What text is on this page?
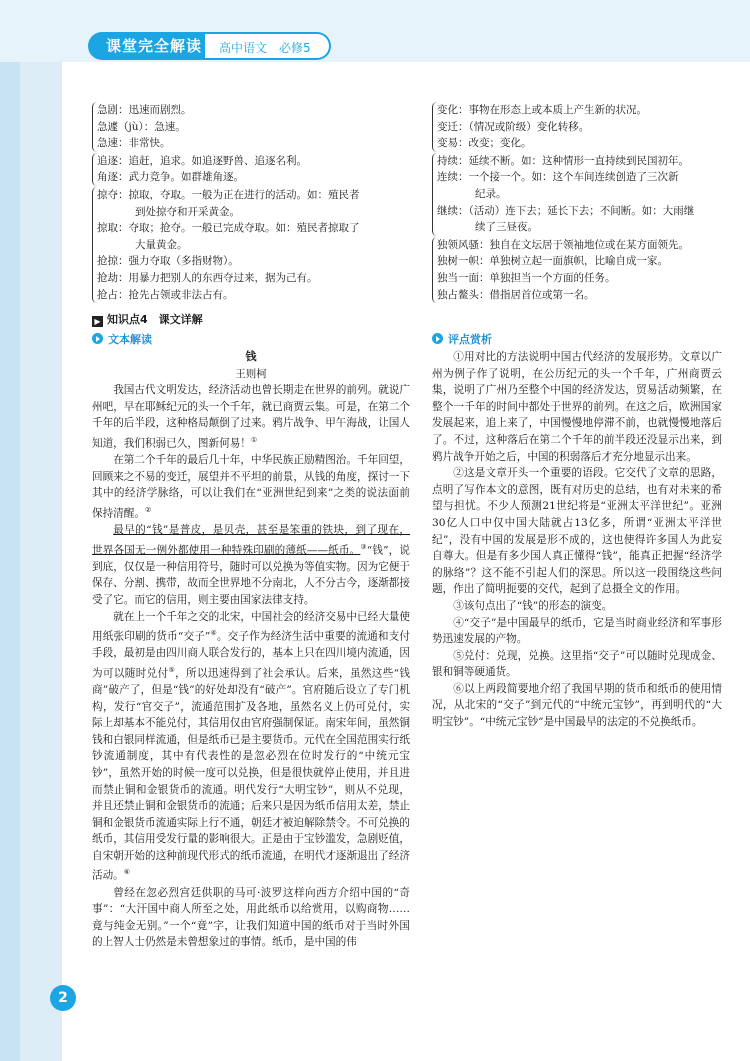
课堂完全解读	高中语文　必修5
急剧：迅速而剧烈。
急遽（jù）：急速。
急速：非常快。
追逐：追赶，追求。如追逐野兽、追逐名利。
角逐：武力竞争。如群雄角逐。
掠夺：掠取，夺取。一般为正在进行的活动。如：殖民者
到处掠夺和开采黄金。
掠取：夺取；抢夺。一般已完成夺取。如：殖民者掠取了
大量黄金。
抢掠：强力夺取（多指财物）。
抢劫：用暴力把别人的东西夺过来，据为己有。
抢占：抢先占领或非法占有。
变化：事物在形态上或本质上产生新的状况。
变迁：（情况或阶级）变化转移。
变易：改变；变化。
持续：延续不断。如：这种情形一直持续到民国初年。
连续：一个接一个。如：这个车间连续创造了三次新
纪录。
继续：（活动）连下去；延长下去；不间断。如：大雨继
续了三昼夜。
独领风骚：独自在文坛居于领袖地位或在某方面领先。
独树一帜：单独树立起一面旗帜，比喻自成一家。
独当一面：单独担当一个方面的任务。
独占鳌头：借指居首位或第一名。
▶ 知识点4　课文详解
文本解读	评点赏析
钱
王则柯

我国古代文明发达，经济活动也曾长期走在世界的前列。就说广州吧，早在耶稣纪元的头一个千年，就已商贾云集。可是，在第二个千年的后半段，这种格局颠倒了过来。鸦片战争、甲午海战，让国人知道，我们积弱已久，图新何易！①

在第二个千年的最后几十年，中华民族正励精图治。千年回望，回顾来之不易的变迁，展望并不平坦的前景，从钱的角度，探讨一下其中的经济学脉络，可以让我们在“亚洲世纪到来”之类的说法面前保持清醒。②

最早的“钱”是普皮，是贝壳，甚至是笨重的铁块，到了现在，世界各国无一例外都使用一种特殊印刷的薄纸——纸币。③“钱”，说到底，仅仅是一种信用符号，随时可以兑换为等值实物。因为它便于保存、分割、携带，故而全世界地不分南北，人不分古今，逐渐都接受了它。而它的信用，则主要由国家法律支持。

就在上一个千年之交的北宋，中国社会的经济交易中已经大量使用纸张印刷的货币“交子”④。交子作为经济生活中重要的流通和支付手段，最初是由四川商人联合发行的，基本上只在四川境内流通，因为可以随时兑付⑤，所以迅速得到了社会承认。后来，虽然这些“钱商”破产了，但是“钱”的好处却没有“破产”。官府随后设立了专门机构，发行“官交子”，流通范围扩及各地，虽然名义上仍可兑付，实际上却基本不能兑付，其信用仅由官府强制保证。南宋年间，虽然铜钱和白银同样流通，但是纸币已是主要货币。元代在全国范围实行纸钞流通制度，其中有代表性的是忽必烈在位时发行的“中统元宝钞”，虽然开始的时候一度可以兑换，但是很快就停止使用，并且进而禁止铜和金银货币的流通。明代发行“大明宝钞”，则从不兑现，并且还禁止铜和金银货币的流通；后来只是因为纸币信用太差，禁止铜和金银货币流通实际上行不通，朝廷才被迫解除禁令。不可兑换的纸币，其信用受发行量的影响很大。正是由于宝钞滥发，急剧贬值，自宋朝开始的这种前现代形式的纸币流通，在明代才逐渐退出了经济活动。⑥

曾经在忽必烈宫廷供职的马可·波罗这样向西方介绍中国的“奇事”：“大汗国中商人所至之处，用此纸币以给赏用，以购商物……竟与纯金无别。”一个“竟”字，让我们知道中国的纸币对于当时外国的上智人士仍然是未曾想象过的事情。纸币，是中国的伟

①用对比的方法说明中国古代经济的发展形势。文章以广州为例子作了说明，在公历纪元的头一个千年，广州商贾云集，说明了广州乃至整个中国的经济发达，贸易活动频繁，在整个一千年的时间中都处于世界的前列。在这之后，欧洲国家发展起来，追上来了，中国慢慢地停滞不前，也就慢慢地落后了。不过，这种落后在第二个千年的前半段还没显示出来，到鸦片战争开始之后，中国的积弱落后才充分地显示出来。

②这是文章开头一个重要的语段。它交代了文章的思路，点明了写作本文的意图，既有对历史的总结，也有对未来的希望与担忧。不少人预测21世纪将是“亚洲太平洋世纪”。亚洲30亿人口中仅中国大陆就占13亿多，所谓“亚洲太平洋世纪”，没有中国的发展是形不成的，这也使得许多国人为此妄自尊大。但是有多少国人真正懂得“钱”，能真正把握“经济学的脉络”？这不能不引起人们的深思。所以这一段围绕这些问题，作出了简明扼要的交代，起到了总摄全文的作用。

③该句点出了“钱”的形态的演变。

④“交子”是中国最早的纸币，它是当时商业经济和军事形势迅速发展的产物。

⑤兑付：兑现，兑换。这里指“交子”可以随时兑现成金、银和铜等硬通货。

⑥以上两段简要地介绍了我国早期的货币和纸币的使用情况，从北宋的“交子”到元代的“中统元宝钞”，再到明代的“大明宝钞”。“中统元宝钞”是中国最早的法定的不兑换纸币。

2
